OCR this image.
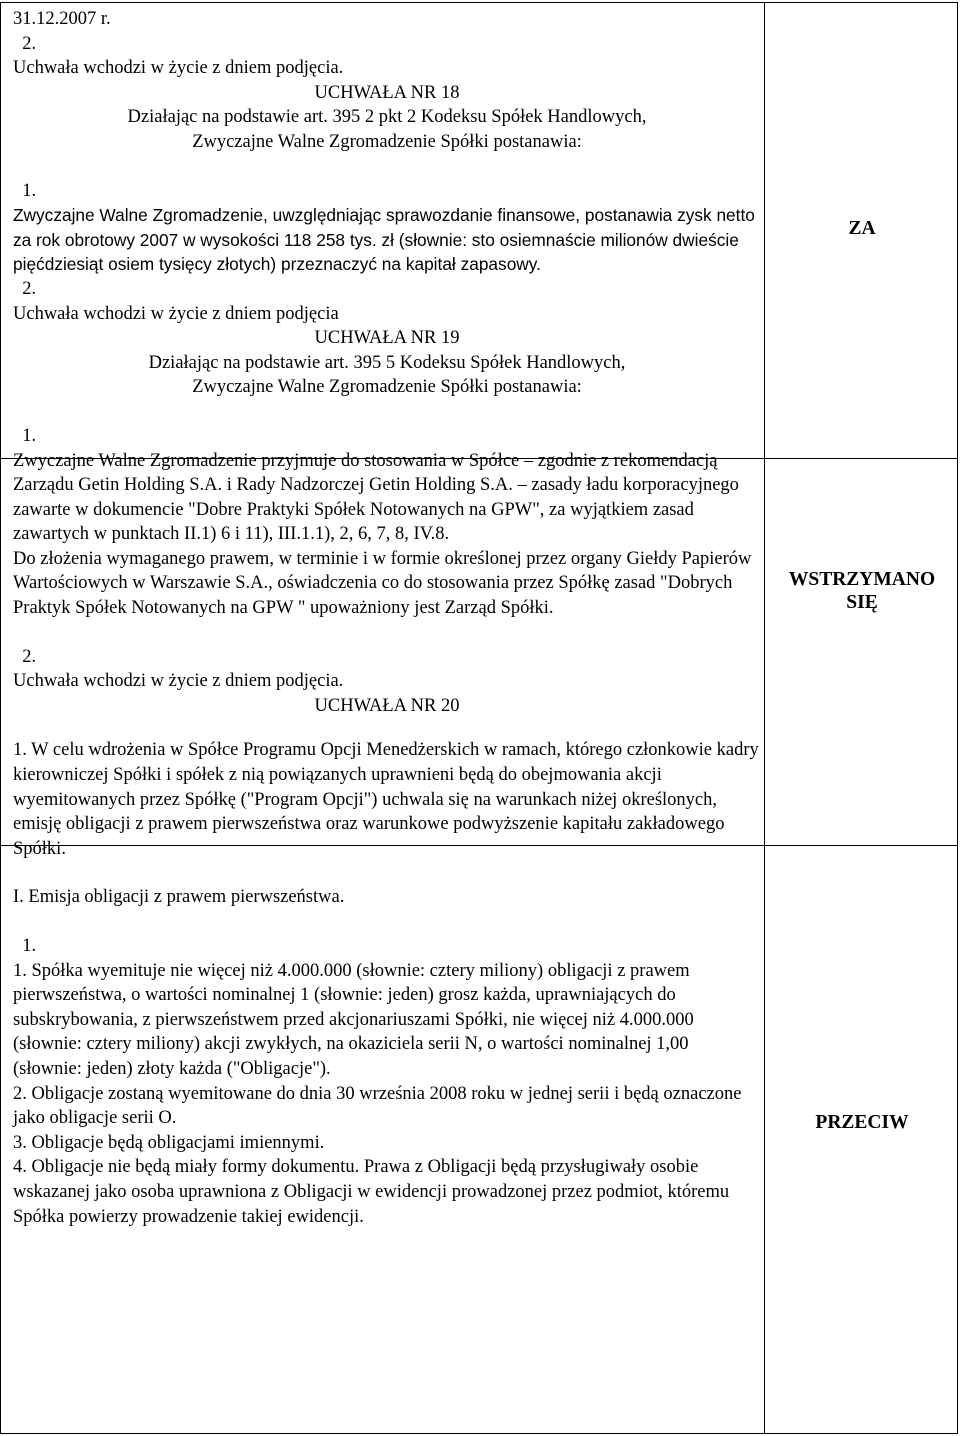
31.12.2007 r.

2.

Uchwała wchodzi w życie z dniem podjęcia.

UCHWAŁA NR 18

Działając na podstawie art. 395 2 pkt 2 Kodeksu Spółek Handlowych,

Zwyczajne Walne Zgromadzenie Spółki postanawia:

1.

Zwyczajne Walne Zgromadzenie, uwzględniając sprawozdanie finansowe, postanawia zysk netto za rok obrotowy 2007 w wysokości 118 258 tys. zł (słownie: sto osiemnaście milionów dwieście pięćdziesiąt osiem tysięcy złotych) przeznaczyć na kapitał zapasowy.

2.

Uchwała wchodzi w życie z dniem podjęcia

UCHWAŁA NR 19

Działając na podstawie art. 395 5 Kodeksu Spółek Handlowych,

Zwyczajne Walne Zgromadzenie Spółki postanawia:

1.

Zwyczajne Walne Zgromadzenie przyjmuje do stosowania w Spółce – zgodnie z rekomendacją Zarządu Getin Holding S.A. i Rady Nadzorczej Getin Holding S.A. – zasady ładu korporacyjnego zawarte w dokumencie "Dobre Praktyki Spółek Notowanych na GPW", za wyjątkiem zasad zawartych w punktach II.1) 6 i 11), III.1.1), 2, 6, 7, 8, IV.8.

Do złożenia wymaganego prawem, w terminie i w formie określonej przez organy Giełdy Papierów Wartościowych w Warszawie S.A., oświadczenia co do stosowania przez Spółkę zasad "Dobrych Praktyk Spółek Notowanych na GPW " upoważniony jest Zarząd Spółki.

2.

Uchwała wchodzi w życie z dniem podjęcia.

UCHWAŁA NR 20

1. W celu wdrożenia w Spółce Programu Opcji Menedżerskich w ramach, którego członkowie kadry kierowniczej Spółki i spółek z nią powiązanych uprawnieni będą do obejmowania akcji wyemitowanych przez Spółkę ("Program Opcji") uchwala się na warunkach niżej określonych, emisję obligacji z prawem pierwszeństwa oraz warunkowe podwyższenie kapitału zakładowego Spółki.

I. Emisja obligacji z prawem pierwszeństwa.

1.

1. Spółka wyemituje nie więcej niż 4.000.000 (słownie: cztery miliony) obligacji z prawem pierwszeństwa, o wartości nominalnej 1 (słownie: jeden) grosz każda, uprawniających do subskrybowania, z pierwszeństwem przed akcjonariuszami Spółki, nie więcej niż 4.000.000 (słownie: cztery miliony) akcji zwykłych, na okaziciela serii N, o wartości nominalnej 1,00 (słownie: jeden) złoty każda ("Obligacje").

2. Obligacje zostaną wyemitowane do dnia 30 września 2008 roku w jednej serii i będą oznaczone jako obligacje serii O.

3. Obligacje będą obligacjami imiennymi.

4. Obligacje nie będą miały formy dokumentu. Prawa z Obligacji będą przysługiwały osobie wskazanej jako osoba uprawniona z Obligacji w ewidencji prowadzonej przez podmiot, któremu Spółka powierzy prowadzenie takiej ewidencji.

ZA
WSTRZYMANO
SIĘ
PRZECIW
